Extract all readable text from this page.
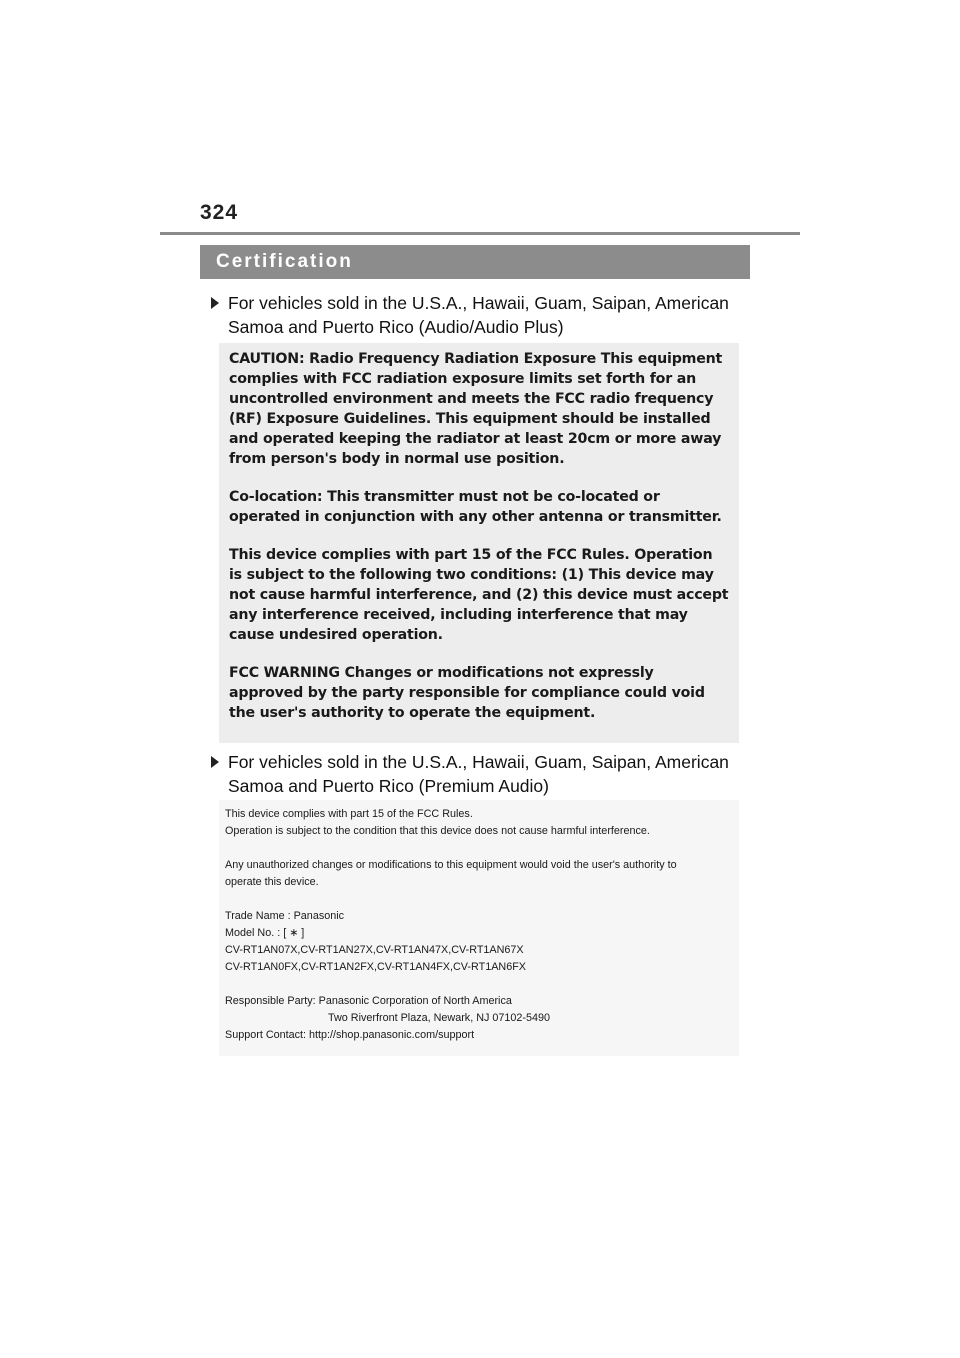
324
Certification
For vehicles sold in the U.S.A., Hawaii, Guam, Saipan, American Samoa and Puerto Rico (Audio/Audio Plus)

CAUTION: Radio Frequency Radiation Exposure This equipment complies with FCC radiation exposure limits set forth for an uncontrolled environment and meets the FCC radio frequency (RF) Exposure Guidelines. This equipment should be installed and operated keeping the radiator at least 20cm or more away from person's body in normal use position.

Co-location: This transmitter must not be co-located or operated in conjunction with any other antenna or transmitter.

This device complies with part 15 of the FCC Rules. Operation is subject to the following two conditions: (1) This device may not cause harmful interference, and (2) this device must accept any interference received, including interference that may cause undesired operation.

FCC WARNING Changes or modifications not expressly approved by the party responsible for compliance could void the user's authority to operate the equipment.

For vehicles sold in the U.S.A., Hawaii, Guam, Saipan, American Samoa and Puerto Rico (Premium Audio)

This device complies with part 15 of the FCC Rules.
Operation is subject to the condition that this device does not cause harmful interference.

Any unauthorized changes or modifications to this equipment would void the user's authority to
operate this device.

Trade Name : Panasonic
Model No. : [ ∗ ]
CV-RT1AN07X,CV-RT1AN27X,CV-RT1AN47X,CV-RT1AN67X
CV-RT1AN0FX,CV-RT1AN2FX,CV-RT1AN4FX,CV-RT1AN6FX

Responsible Party: Panasonic Corporation of North America
Two Riverfront Plaza, Newark, NJ 07102-5490
Support Contact: http://shop.panasonic.com/support
